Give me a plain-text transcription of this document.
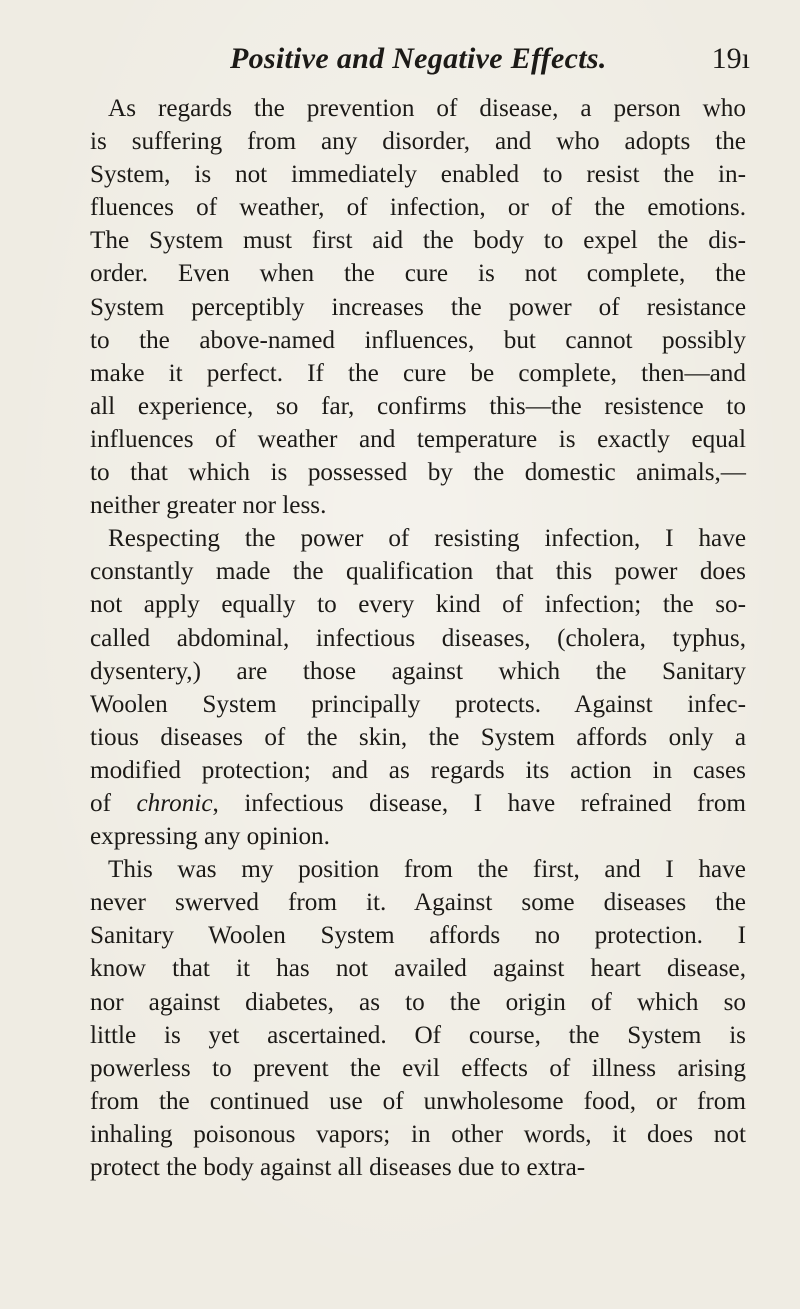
Positive and Negative Effects.	19ı
As regards the prevention of disease, a person who
is suffering from any disorder, and who adopts the
System, is not immediately enabled to resist the in-
fluences of weather, of infection, or of the emotions.
The System must first aid the body to expel the dis-
order. Even when the cure is not complete, the
System perceptibly increases the power of resistance
to the above-named influences, but cannot possibly
make it perfect. If the cure be complete, then—and
all experience, so far, confirms this—the resistence to
influences of weather and temperature is exactly equal
to that which is possessed by the domestic animals,—
neither greater nor less.
Respecting the power of resisting infection, I have
constantly made the qualification that this power does
not apply equally to every kind of infection; the so-
called abdominal, infectious diseases, (cholera, typhus,
dysentery,) are those against which the Sanitary
Woolen System principally protects. Against infec-
tious diseases of the skin, the System affords only a
modified protection; and as regards its action in cases
of chronic, infectious disease, I have refrained from
expressing any opinion.
This was my position from the first, and I have
never swerved from it. Against some diseases the
Sanitary Woolen System affords no protection. I
know that it has not availed against heart disease,
nor against diabetes, as to the origin of which so
little is yet ascertained. Of course, the System is
powerless to prevent the evil effects of illness arising
from the continued use of unwholesome food, or from
inhaling poisonous vapors; in other words, it does not
protect the body against all diseases due to extra-
